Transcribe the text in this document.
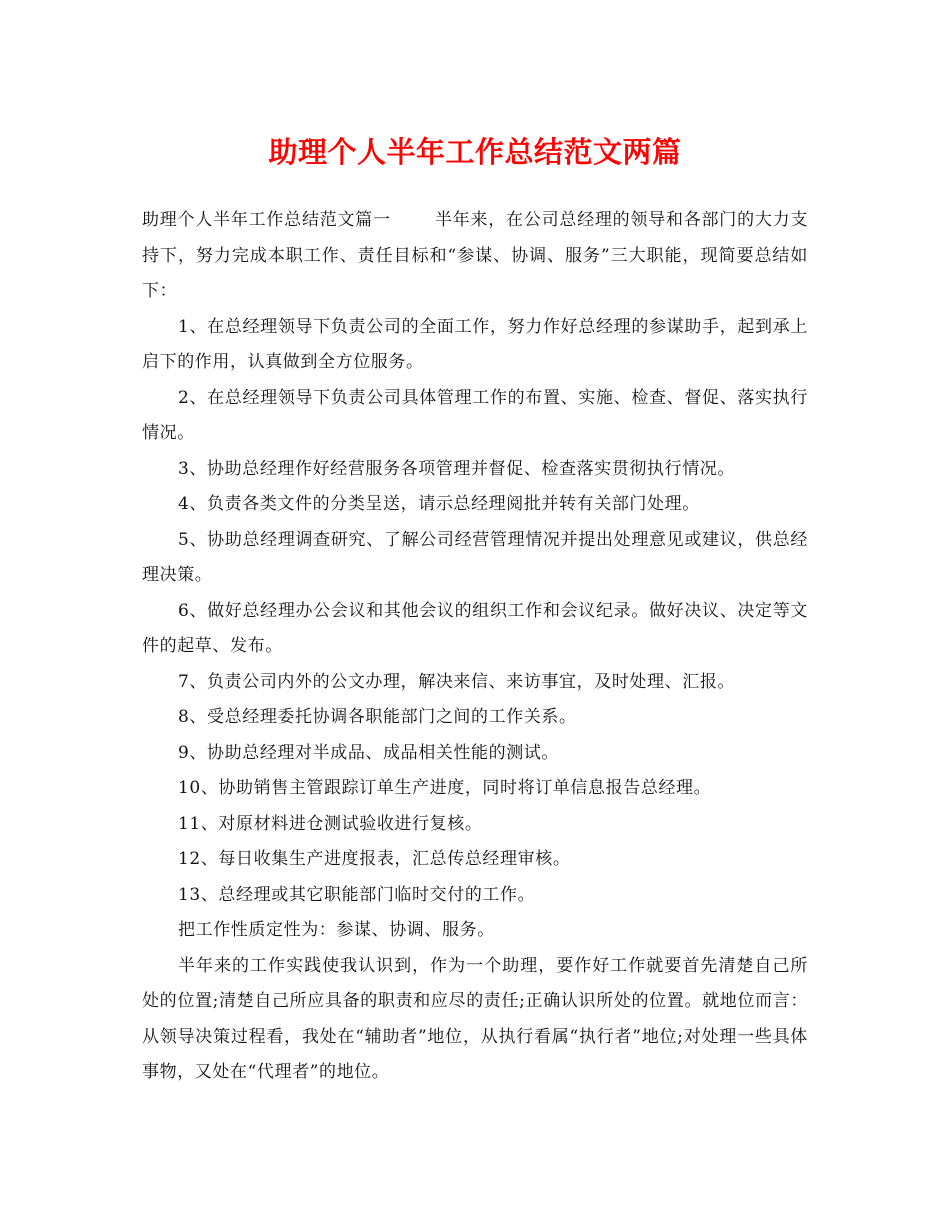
助理个人半年工作总结范文两篇

助理个人半年工作总结范文篇一	半年来，在公司总经理的领导和各部门的大力支持下，努力完成本职工作、责任目标和“参谋、协调、服务”三大职能，现简要总结如下：

1、在总经理领导下负责公司的全面工作，努力作好总经理的参谋助手，起到承上启下的作用，认真做到全方位服务。

2、在总经理领导下负责公司具体管理工作的布置、实施、检查、督促、落实执行情况。

3、协助总经理作好经营服务各项管理并督促、检查落实贯彻执行情况。

4、负责各类文件的分类呈送，请示总经理阅批并转有关部门处理。

5、协助总经理调查研究、了解公司经营管理情况并提出处理意见或建议，供总经理决策。

6、做好总经理办公会议和其他会议的组织工作和会议纪录。做好决议、决定等文件的起草、发布。

7、负责公司内外的公文办理，解决来信、来访事宜，及时处理、汇报。

8、受总经理委托协调各职能部门之间的工作关系。

9、协助总经理对半成品、成品相关性能的测试。

10、协助销售主管跟踪订单生产进度，同时将订单信息报告总经理。

11、对原材料进仓测试验收进行复核。

12、每日收集生产进度报表，汇总传总经理审核。

13、总经理或其它职能部门临时交付的工作。

把工作性质定性为：参谋、协调、服务。

半年来的工作实践使我认识到，作为一个助理，要作好工作就要首先清楚自己所处的位置;清楚自己所应具备的职责和应尽的责任;正确认识所处的位置。就地位而言：从领导决策过程看，我处在“辅助者”地位，从执行看属“执行者”地位;对处理一些具体事物，又处在“代理者”的地位。
